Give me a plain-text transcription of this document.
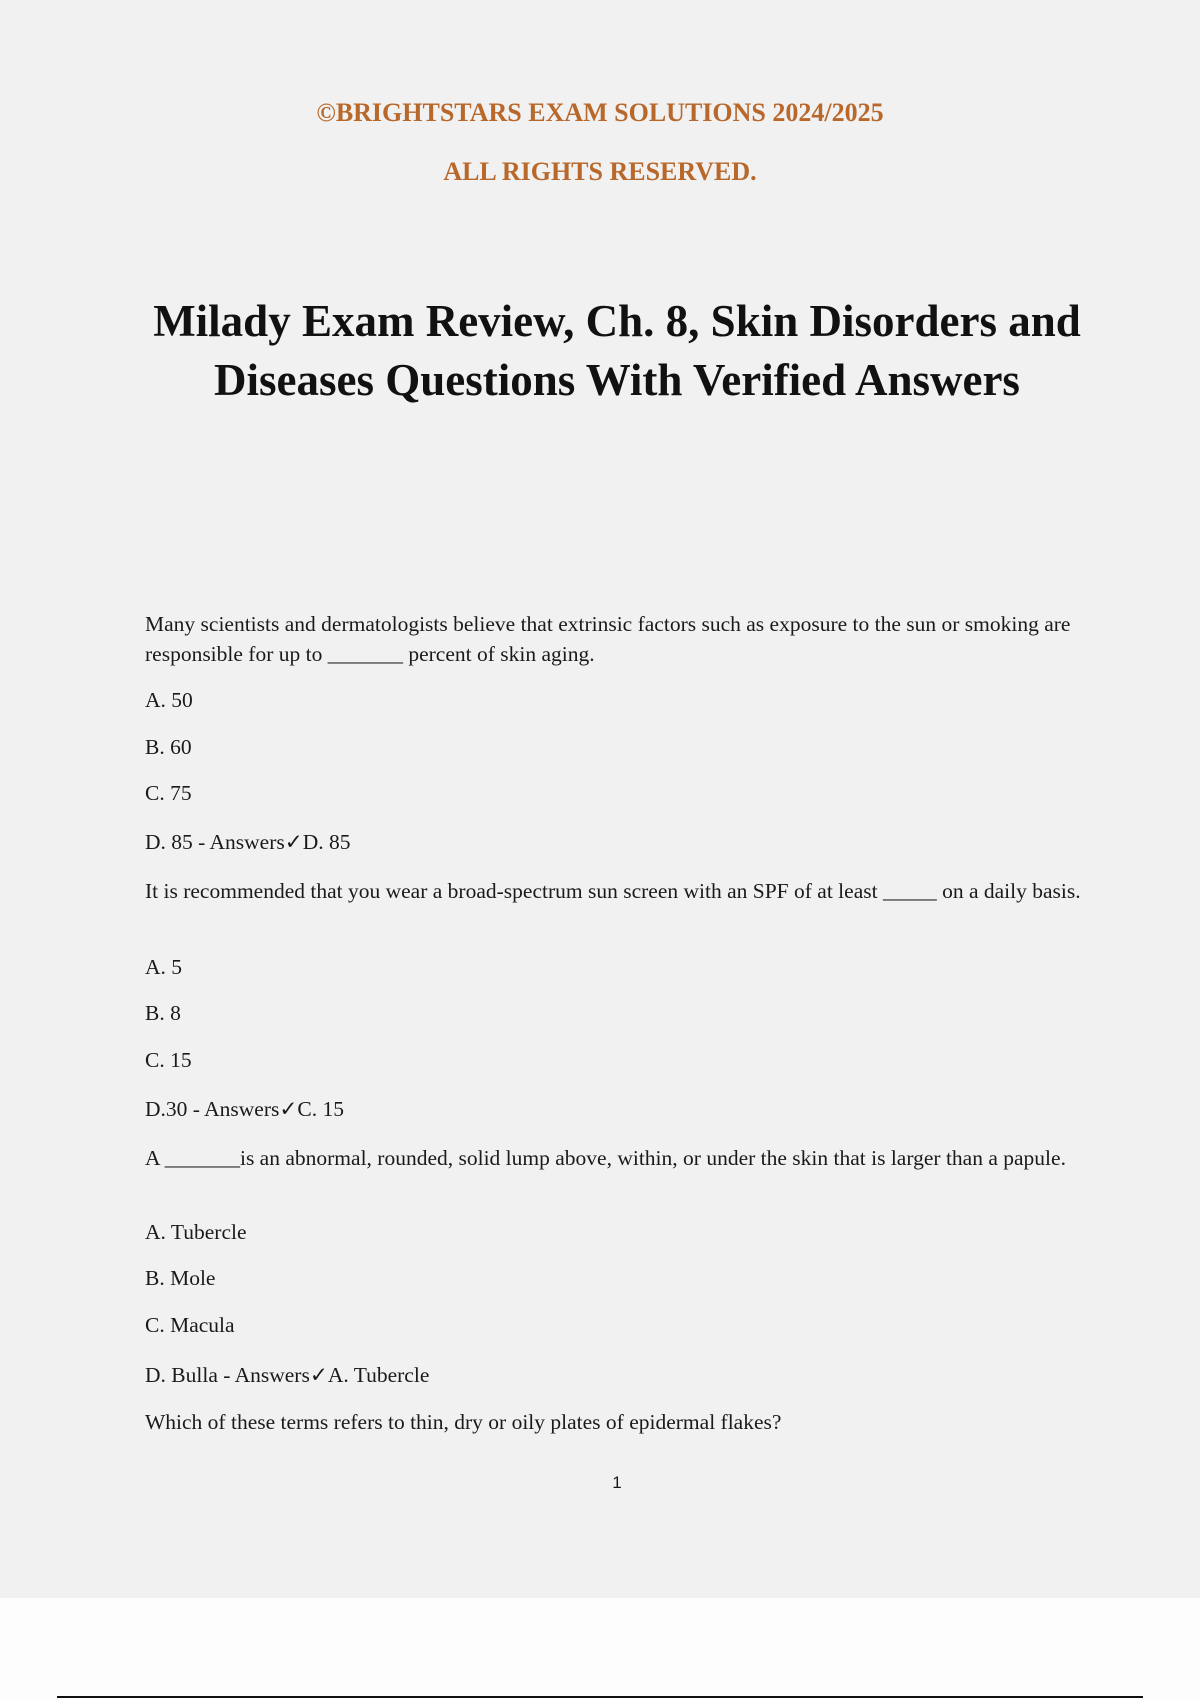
©BRIGHTSTARS EXAM SOLUTIONS 2024/2025
ALL RIGHTS RESERVED.
Milady Exam Review, Ch. 8, Skin Disorders and Diseases Questions With Verified Answers
Many scientists and dermatologists believe that extrinsic factors such as exposure to the sun or smoking are responsible for up to _______ percent of skin aging.
A. 50
B. 60
C. 75
D. 85 - Answers✓D. 85
It is recommended that you wear a broad-spectrum sun screen with an SPF of at least _____ on a daily basis.
A. 5
B. 8
C. 15
D.30 - Answers✓C. 15
A _______is an abnormal, rounded, solid lump above, within, or under the skin that is larger than a papule.
A. Tubercle
B. Mole
C. Macula
D. Bulla - Answers✓A. Tubercle
Which of these terms refers to thin, dry or oily plates of epidermal flakes?
1
